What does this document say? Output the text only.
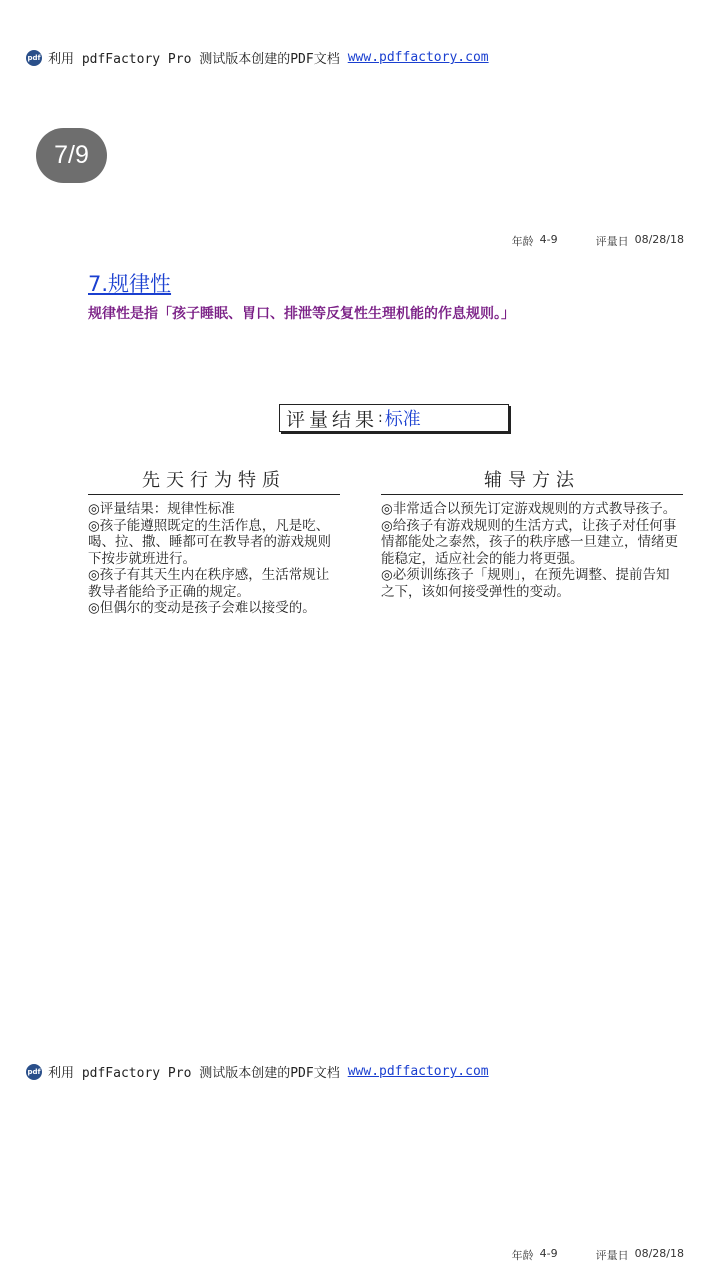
pdf 利用 pdfFactory Pro 测试版本创建的PDF文档 www.pdffactory.com
7/9
年龄 4-9	评量日 08/28/18
7.规律性
规律性是指「孩子睡眠、胃口、排泄等反复性生理机能的作息规则。」
评量结果 : 标准
先天行为特质

◎评量结果：规律性标准

◎孩子能遵照既定的生活作息，凡是吃、喝、拉、撒、睡都可在教导者的游戏规则下按步就班进行。

◎孩子有其天生内在秩序感，生活常规让教导者能给予正确的规定。

◎但偶尔的变动是孩子会难以接受的。

辅导方法

◎非常适合以预先订定游戏规则的方式教导孩子。

◎给孩子有游戏规则的生活方式，让孩子对任何事情都能处之泰然，孩子的秩序感一旦建立，情绪更能稳定，适应社会的能力将更强。

◎必须训练孩子「规则」，在预先调整、提前告知之下，该如何接受弹性的变动。

pdf 利用 pdfFactory Pro 测试版本创建的PDF文档 www.pdffactory.com
年龄 4-9	评量日 08/28/18
